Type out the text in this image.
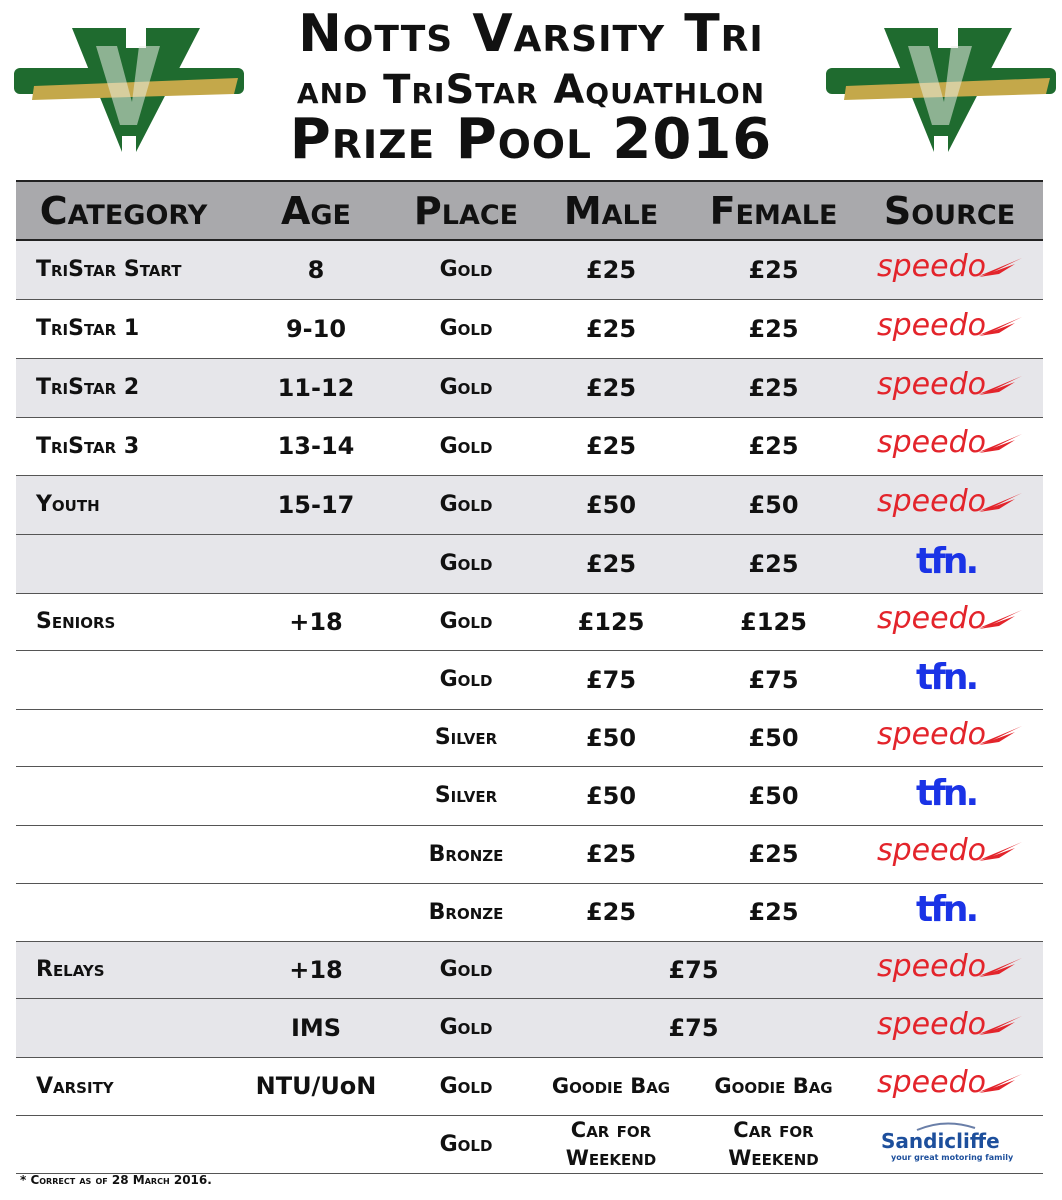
Notts Varsity Tri
and TriStar Aquathlon
Prize Pool 2016
Category	Age	Place	Male	Female	Source
TriStar Start	8	Gold	£25	£25	speedo

TriStar 1	9-10	Gold	£25	£25	speedo

TriStar 2	11-12	Gold	£25	£25	speedo

TriStar 3	13-14	Gold	£25	£25	speedo

Youth	15-17	Gold	£50	£50	speedo

		Gold	£25	£25	tfn.

Seniors	+18	Gold	£125	£125	speedo

		Gold	£75	£75	tfn.

		Silver	£50	£50	speedo

		Silver	£50	£50	tfn.

		Bronze	£25	£25	speedo

		Bronze	£25	£25	tfn.

Relays	+18	Gold	£75		speedo

	IMS	Gold	£75		speedo

Varsity	NTU/UoN	Gold	Goodie Bag	Goodie Bag	speedo

		Gold	Car for Weekend	Car for Weekend	Sandicliffe
your great motoring family
* Correct as of 28 March 2016.
